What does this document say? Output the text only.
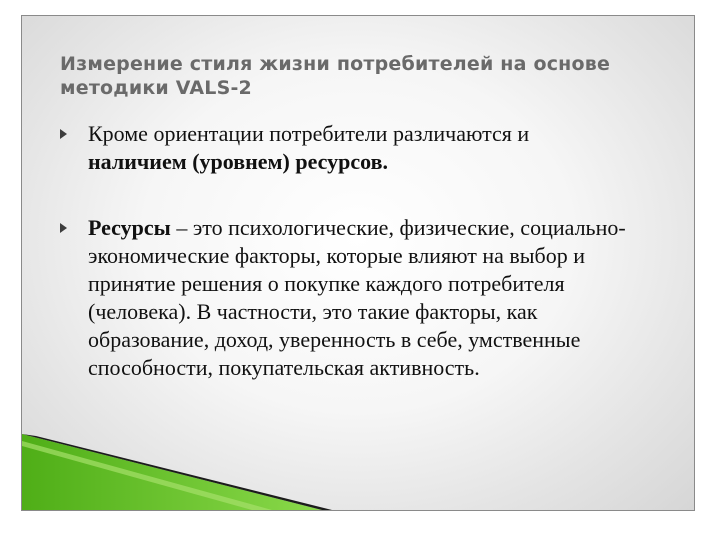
Измерение стиля жизни потребителей на основе
методики VALS-2
Кроме ориентации потребители различаются и
наличием (уровнем) ресурсов.
Ресурсы – это психологические, физические, социально-экономические факторы, которые влияют на выбор и принятие решения о покупке каждого потребителя (человека). В частности, это такие факторы, как образование, доход, уверенность в себе, умственные способности, покупательская активность.
